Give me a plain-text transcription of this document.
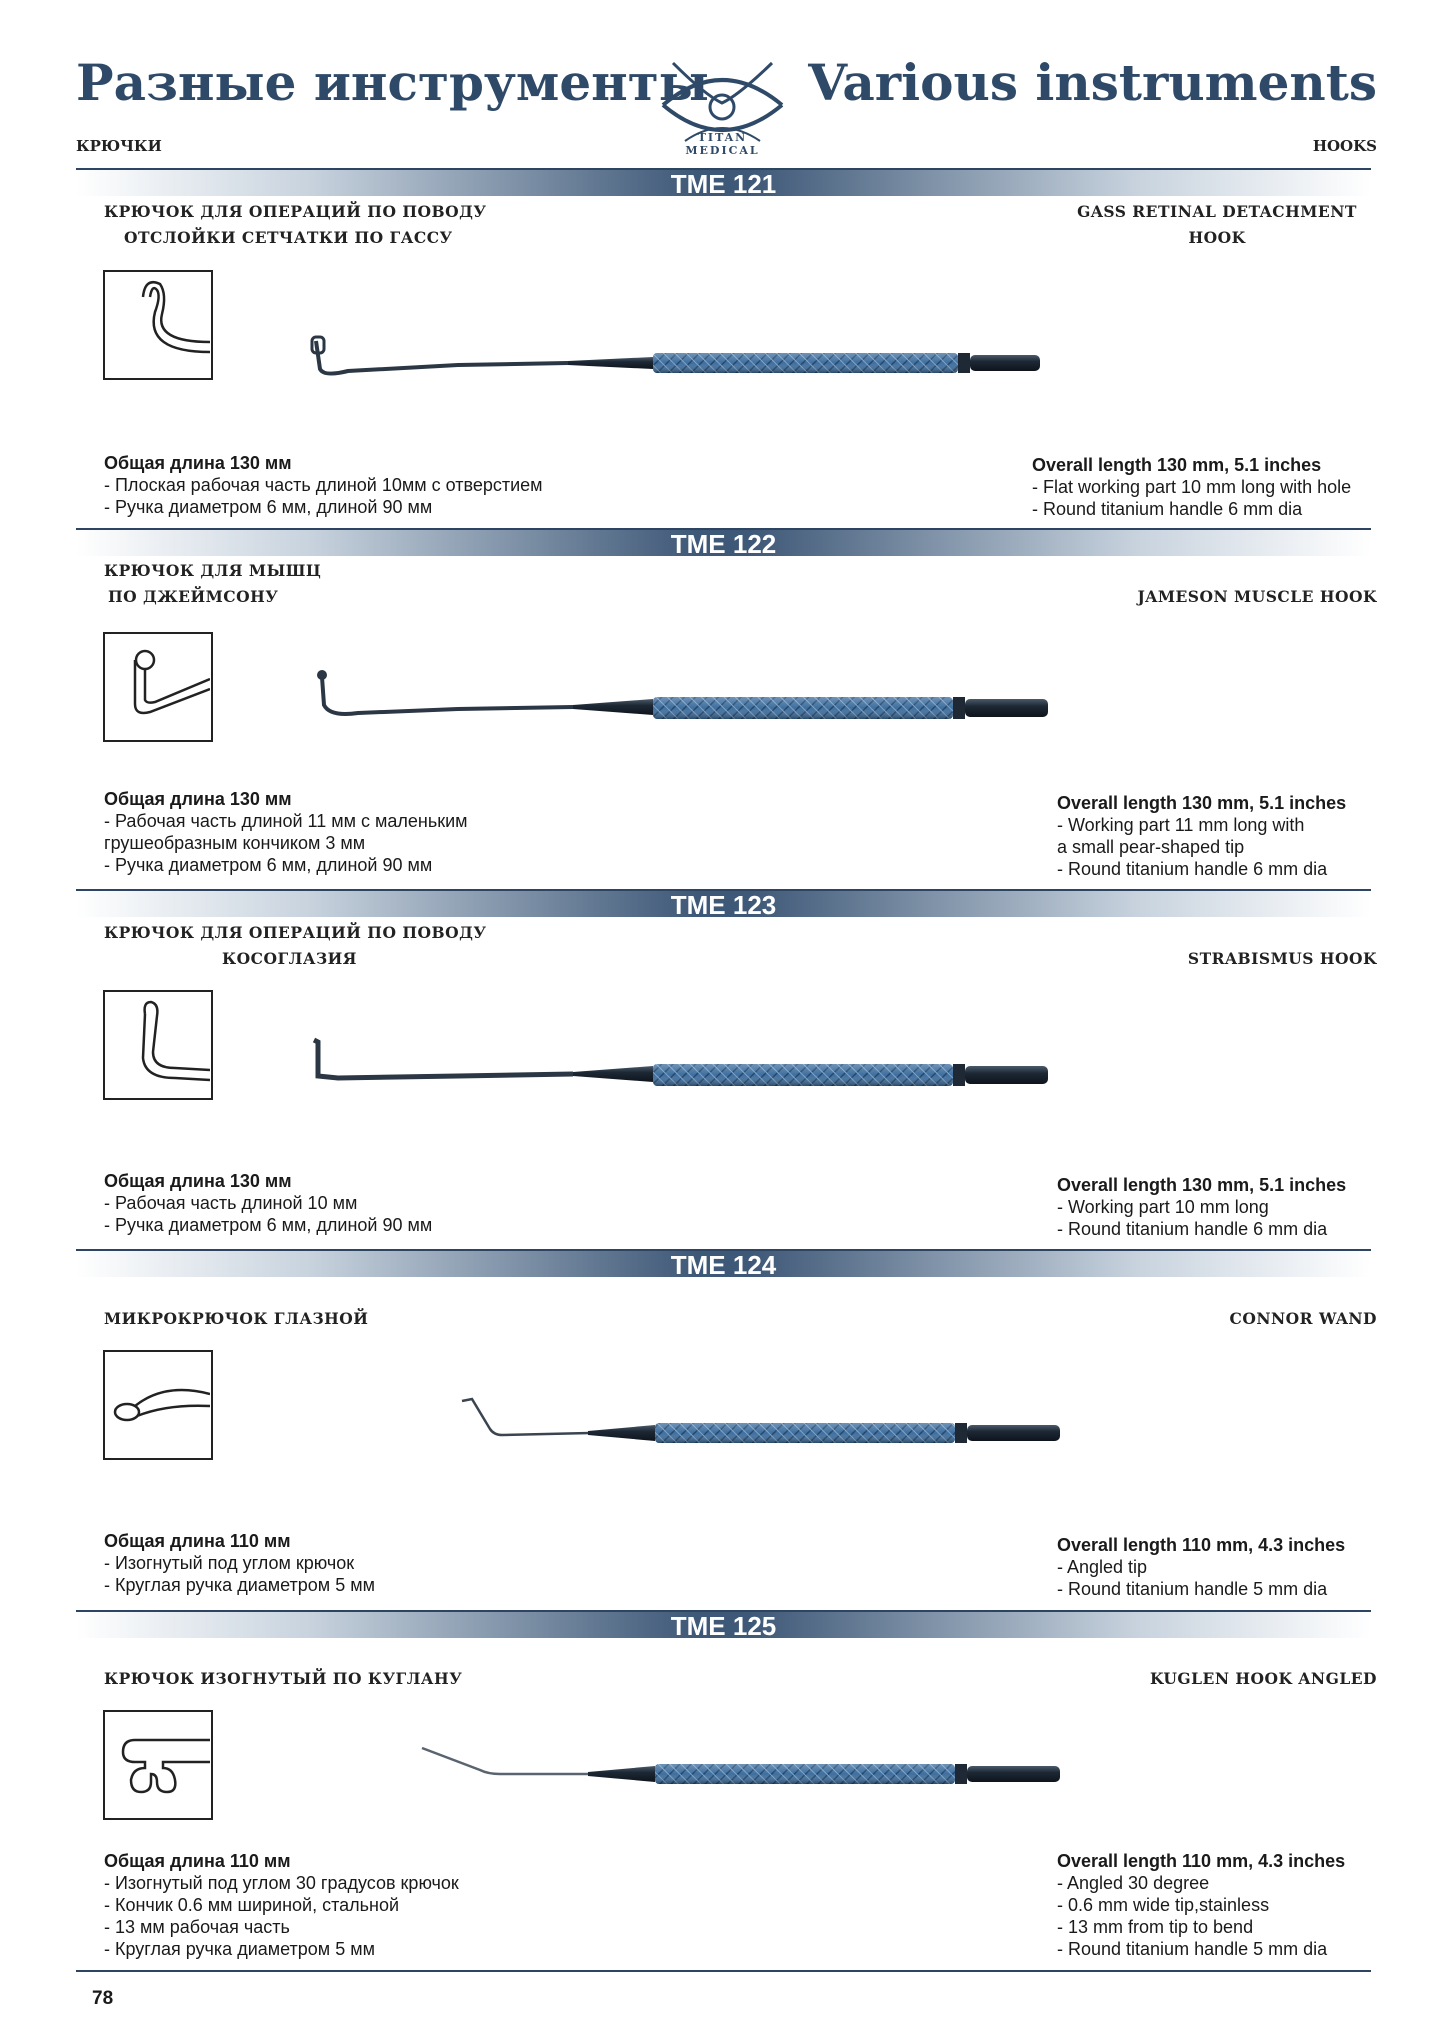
Разные инструменты Various instruments
КРЮЧКИ	HOOKS
TITAN
MEDICAL
TME 121
КРЮЧОК ДЛЯ ОПЕРАЦИЙ ПО ПОВОДУ
ОТСЛОЙКИ СЕТЧАТКИ ПО ГАССУ
GASS RETINAL DETACHMENT
HOOK
Общая длина 130 мм
- Плоская рабочая часть длиной 10мм с отверстием
- Ручка диаметром 6 мм, длиной 90 мм
Overall length 130 mm, 5.1 inches
- Flat working part 10 mm long with hole
- Round titanium handle 6 mm dia
TME 122
КРЮЧОК ДЛЯ МЫШЦ
ПО ДЖЕЙМСОНУ	JAMESON MUSCLE HOOK
Общая длина 130 мм
- Рабочая часть длиной 11 мм с маленьким
грушеобразным кончиком 3 мм
- Ручка диаметром 6 мм, длиной 90 мм
Overall length 130 mm, 5.1 inches
- Working part 11 mm long with
a small pear-shaped tip
- Round titanium handle 6 mm dia
TME 123
КРЮЧОК ДЛЯ ОПЕРАЦИЙ ПО ПОВОДУ
КОСОГЛАЗИЯ	STRABISMUS HOOK
Общая длина 130 мм
- Рабочая часть длиной 10 мм
- Ручка диаметром 6 мм, длиной 90 мм
Overall length 130 mm, 5.1 inches
- Working part 10 mm long
- Round titanium handle 6 mm dia
TME 124
МИКРОКРЮЧОК ГЛАЗНОЙ	CONNOR WAND
Общая длина 110 мм
- Изогнутый под углом крючок
- Круглая ручка диаметром 5 мм
Overall length 110 mm, 4.3 inches
- Angled tip
- Round titanium handle 5 mm dia
TME 125
КРЮЧОК ИЗОГНУТЫЙ ПО КУГЛАНУ	KUGLEN HOOK ANGLED
Общая длина 110 мм
- Изогнутый под углом 30 градусов крючок
- Кончик 0.6 мм шириной, стальной
- 13 мм рабочая часть
- Круглая ручка диаметром 5 мм
Overall length 110 mm, 4.3 inches
- Angled 30 degree
- 0.6 mm wide tip,stainless
- 13 mm from tip to bend
- Round titanium handle 5 mm dia
78
